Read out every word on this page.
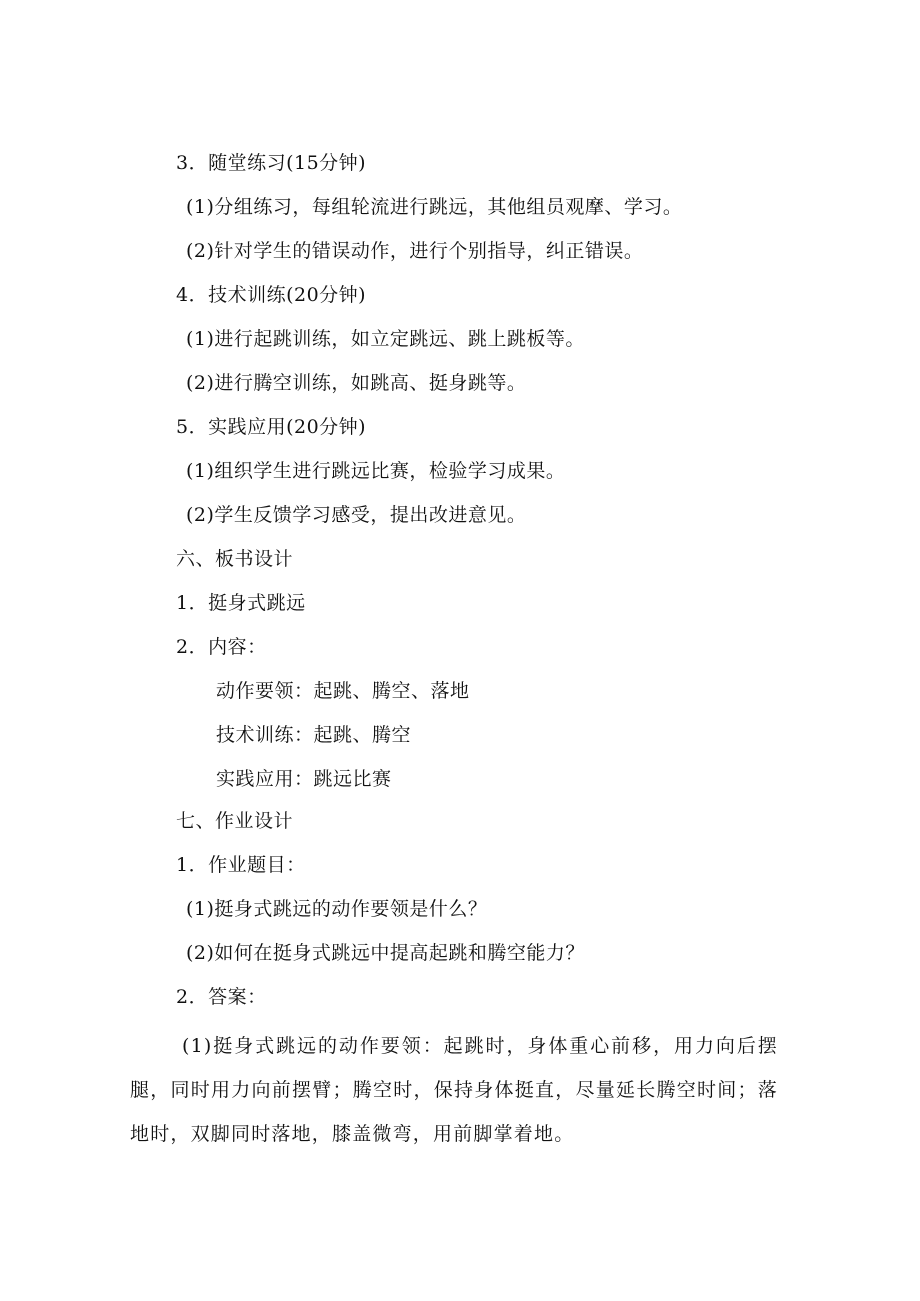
3．随堂练习(15分钟)

(1)分组练习，每组轮流进行跳远，其他组员观摩、学习。

(2)针对学生的错误动作，进行个别指导，纠正错误。

4．技术训练(20分钟)

(1)进行起跳训练，如立定跳远、跳上跳板等。

(2)进行腾空训练，如跳高、挺身跳等。

5．实践应用(20分钟)

(1)组织学生进行跳远比赛，检验学习成果。

(2)学生反馈学习感受，提出改进意见。

六、板书设计

1．挺身式跳远

2．内容：

动作要领：起跳、腾空、落地

技术训练：起跳、腾空

实践应用：跳远比赛

七、作业设计

1．作业题目：

(1)挺身式跳远的动作要领是什么？

(2)如何在挺身式跳远中提高起跳和腾空能力？

2．答案：

(1)挺身式跳远的动作要领：起跳时，身体重心前移，用力向后摆腿，同时用力向前摆臂；腾空时，保持身体挺直，尽量延长腾空时间；落地时，双脚同时落地，膝盖微弯，用前脚掌着地。
